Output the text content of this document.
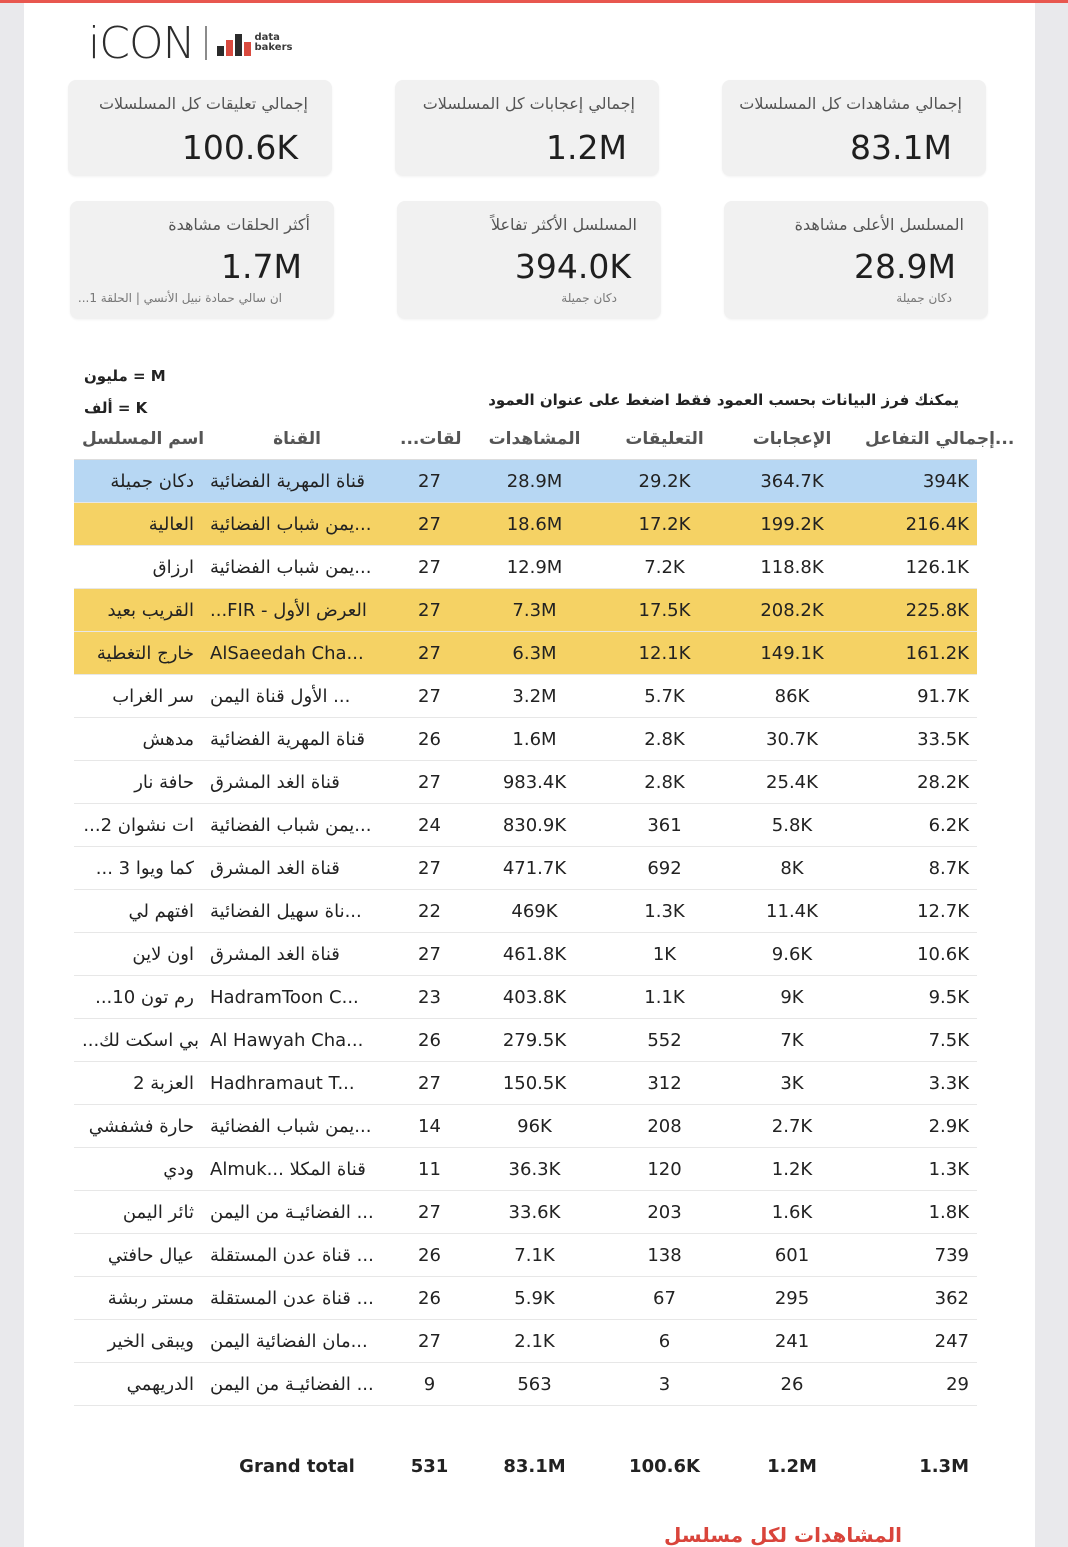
iCON	data
bakers
إجمالي تعليقات كل المسلسلات
100.6K
إجمالي إعجابات كل المسلسلات
1.2M
إجمالي مشاهدات كل المسلسلات
83.1M
أكثر الحلقات مشاهدة
1.7M
...ان سالي حمادة نبيل الأنسي | الحلقة 1
المسلسل الأكثر تفاعلاً
394.0K
دكان جميلة
المسلسل الأعلى مشاهدة
28.9M
دكان جميلة
مليون = M
ألف = K	يمكنك فرز البيانات بحسب العمود فقط اضغط على عنوان العمود
اسم المسلسل	القناة	...لقات	المشاهدات	التعليقات	الإعجابات	إجمالي التفاعل...
دكان جميلة	قناة المهرية الفضائية	27	28.9M	29.2K	364.7K	394K
العالية	...يمن شباب الفضائية	27	18.6M	17.2K	199.2K	216.4K
ارزاق	...يمن شباب الفضائية	27	12.9M	7.2K	118.8K	126.1K
القريب بعيد	...FIR - العرض الأول	27	7.3M	17.5K	208.2K	225.8K
خارج التغطية	AlSaeedah Cha...	27	6.3M	12.1K	149.1K	161.2K
سر الغراب	... الأول قناة اليمن	27	3.2M	5.7K	86K	91.7K
مدهش	قناة المهرية الفضائية	26	1.6M	2.8K	30.7K	33.5K
حافة نار	قناة الغد المشرق	27	983.4K	2.8K	25.4K	28.2K
...ات نشوان 2	...يمن شباب الفضائية	24	830.9K	361	5.8K	6.2K
... كما ويوا 3	قناة الغد المشرق	27	471.7K	692	8K	8.7K
افتهم لي	...ناة سهيل الفضائية	22	469K	1.3K	11.4K	12.7K
اون لاين	قناة الغد المشرق	27	461.8K	1K	9.6K	10.6K
...رم تون 10	HadramToon C...	23	403.8K	1.1K	9K	9.5K
...بي اسكت لك	Al Hawyah Cha...	26	279.5K	552	7K	7.5K
العزبة 2	Hadhramaut T...	27	150.5K	312	3K	3.3K
حارة فشفشي	...يمن شباب الفضائية	14	96K	208	2.7K	2.9K
ودي	Almuk... قناة المكلا	11	36.3K	120	1.2K	1.3K
ثائر اليمن	... الفضائيـة من اليمن	27	33.6K	203	1.6K	1.8K
عيال حافتي	... قناة عدن المستقلة	26	7.1K	138	601	739
مستر ربشة	... قناة عدن المستقلة	26	5.9K	67	295	362
ويبقى الخير	...مان الفضائية اليمن	27	2.1K	6	241	247
الدريهمي	... الفضائيـة من اليمن	9	563	3	26	29
	Grand total	531	83.1M	100.6K	1.2M	1.3M
المشاهدات لكل مسلسل
